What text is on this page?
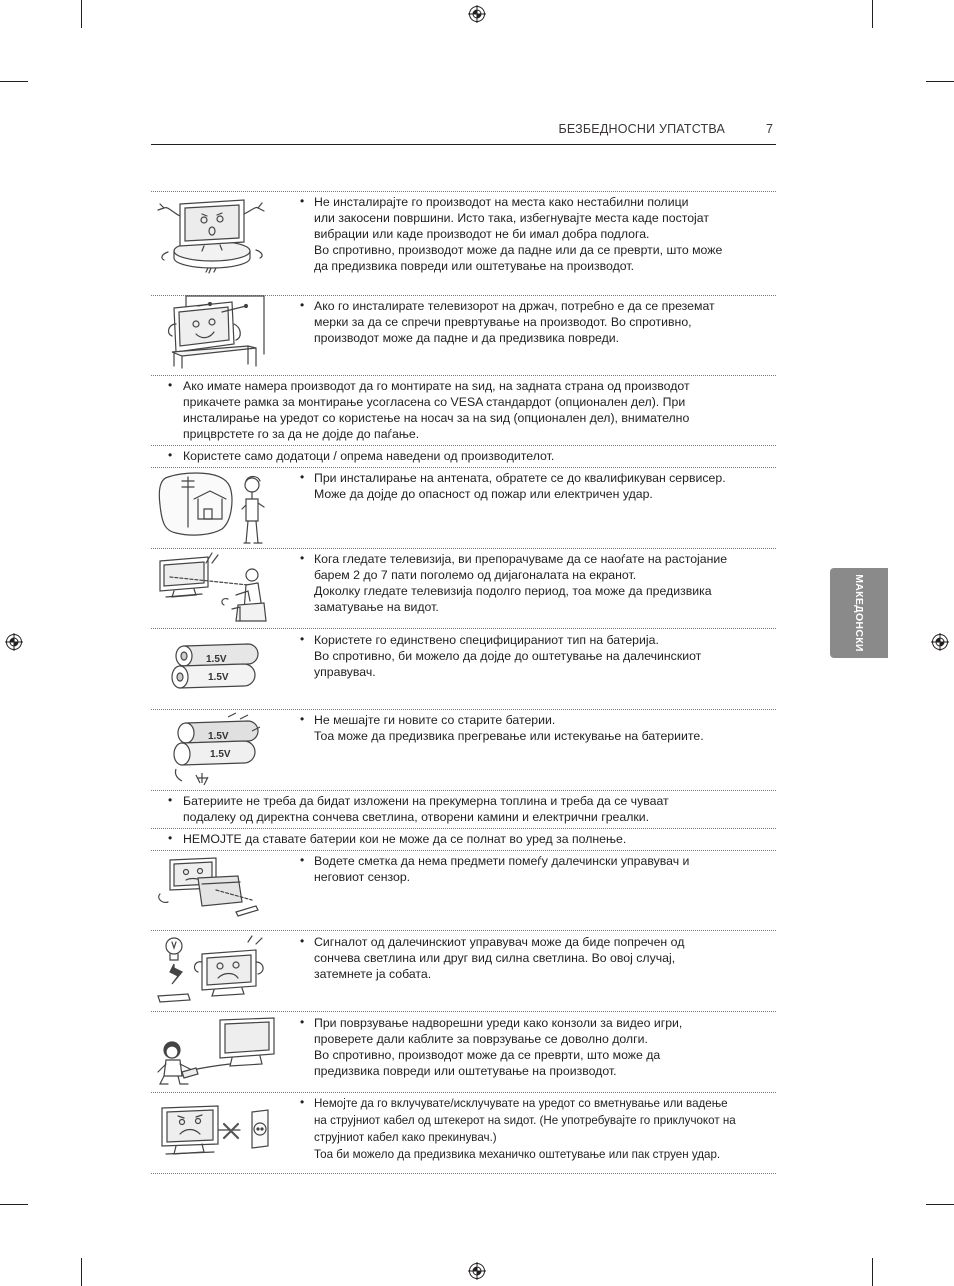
БЕЗБЕДНОСНИ УПАТСТВА	7
МАКЕДОНСКИ
• Не инсталирајте го производот на места како нестабилни полици
или закосени површини. Исто така, избегнувајте места каде постојат
вибрации или каде производот не би имал добра подлога.
Во спротивно, производот може да падне или да се преврти, што може
да предизвика повреди или оштетување на производот.
• Ако го инсталирате телевизорот на држач, потребно е да се преземат
мерки за да се спречи превртување на производот. Во спротивно,
производот може да падне и да предизвика повреди.
• Ако имате намера производот да го монтирате на sид, на задната страна од производот
прикачете рамка за монтирање усогласена со VESA стандардот (опционален дел). При
инсталирање на уредот со користење на носач за на sид (опционален дел), внимателно
прицврстете го за да не дојде до паѓање.
• Користете само додатоци / опрема наведени од производителот.
• При инсталирање на антената, обратете се до квалификуван сервисер.
Може да дојде до опасност од пожар или електричен удар.
• Кога гледате телевизија, ви препорачуваме да се наоѓате на растојание
барем 2 до 7 пати поголемо од дијагоналата на екранот.
Доколку гледате телевизија подолго период, тоа може да предизвика
заматување на видот.
1.5V
1.5V
• Користете го единствено специфицираниот тип на батерија.
Во спротивно, би можело да дојде до оштетување на далечинскиот
управувач.
1.5V
1.5V
• Не мешајте ги новите со старите батерии.
Тоа може да предизвика прегревање или истекување на батериите.
• Батериите не треба да бидат изложени на прекумерна топлина и треба да се чуваат
подалеку од директна сончева светлина, отворени камини и електрични греалки.
• НЕМОЈТЕ да ставате батерии кои не може да се полнат во уред за полнење.
• Водете сметка да нема предмети помеѓу далечински управувач и
неговиот сензор.
• Сигналот од далечинскиот управувач може да биде попречен од
сончева светлина или друг вид силна светлина. Во овој случај,
затемнете ја собата.
• При поврзување надворешни уреди како конзоли за видео игри,
проверете дали каблите за поврзување се доволно долги.
Во спротивно, производот може да се преврти, што може да
предизвика повреди или оштетување на производот.
• Немојте да го вклучувате/исклучувате на уредот со вметнување или вадење
на струјниот кабел од штекерот на sидот. (Не употребувајте го приклучокот на
струјниот кабел како прекинувач.)
Тоа би можело да предизвика механичко оштетување или пак струен удар.
